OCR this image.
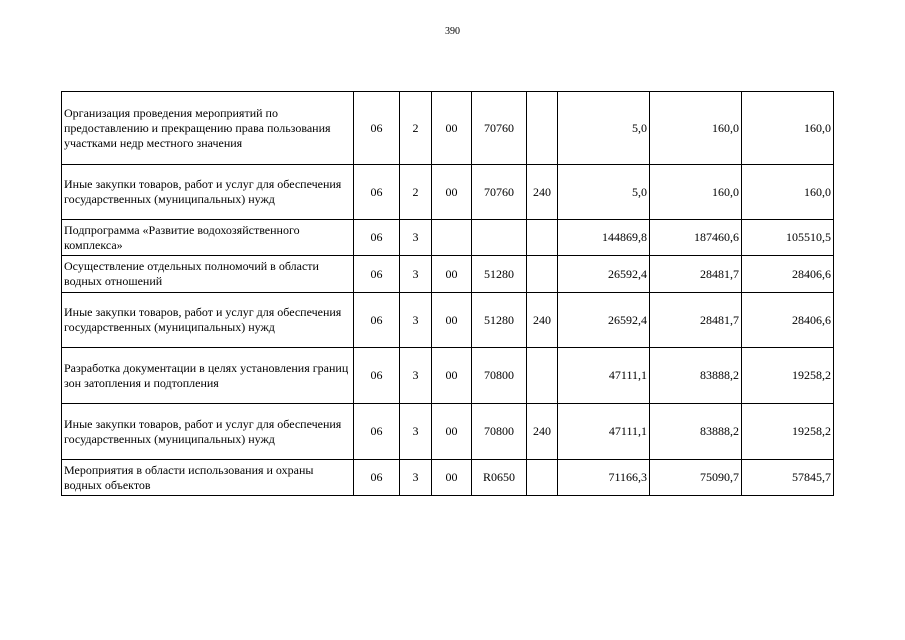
390
Организация проведения мероприятий по предоставлению и прекращению права пользования участками недр местного значения	06	2	00	70760		5,0	160,0	160,0
Иные закупки товаров, работ и услуг для обеспечения государственных (муниципальных) нужд	06	2	00	70760	240	5,0	160,0	160,0
Подпрограмма «Развитие водохозяйственного комплекса»	06	3				144869,8	187460,6	105510,5
Осуществление отдельных полномочий в области водных отношений	06	3	00	51280		26592,4	28481,7	28406,6
Иные закупки товаров, работ и услуг для обеспечения государственных (муниципальных) нужд	06	3	00	51280	240	26592,4	28481,7	28406,6
Разработка документации в целях установления границ зон затопления и подтопления	06	3	00	70800		47111,1	83888,2	19258,2
Иные закупки товаров, работ и услуг для обеспечения государственных (муниципальных) нужд	06	3	00	70800	240	47111,1	83888,2	19258,2
Мероприятия в области использования и охраны водных объектов	06	3	00	R0650		71166,3	75090,7	57845,7
